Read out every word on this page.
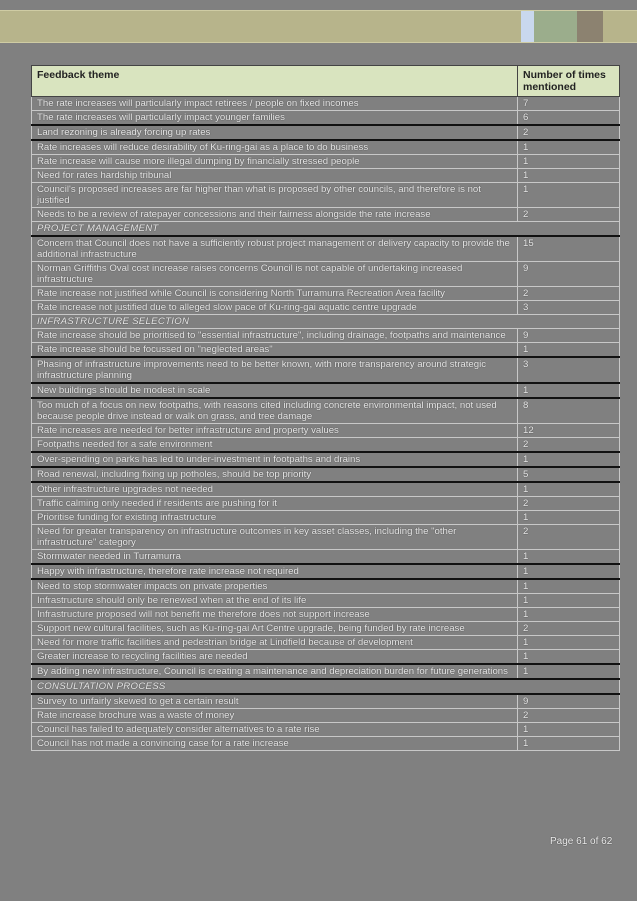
Feedback theme	Number of times mentioned
The rate increases will particularly impact retirees / people on fixed incomes	7
The rate increases will particularly impact younger families	6
Land rezoning is already forcing up rates	2
Rate increases will reduce desirability of Ku-ring-gai as a place to do business	1
Rate increase will cause more illegal dumping by financially stressed people	1
Need for rates hardship tribunal	1
Council's proposed increases are far higher than what is proposed by other councils, and therefore is not justified	1
Needs to be a review of ratepayer concessions and their fairness alongside the rate increase	2
PROJECT MANAGEMENT	
Concern that Council does not have a sufficiently robust project management or delivery capacity to provide the additional infrastructure	15
Norman Griffiths Oval cost increase raises concerns Council is not capable of undertaking increased infrastructure	9
Rate increase not justified while Council is considering North Turramurra Recreation Area facility	2
Rate increase not justified due to alleged slow pace of Ku-ring-gai aquatic centre upgrade	3
INFRASTRUCTURE SELECTION	
Rate increase should be prioritised to "essential infrastructure", including drainage, footpaths and maintenance	9
Rate increase should be focussed on "neglected areas"	1
Phasing of infrastructure improvements need to be better known, with more transparency around strategic infrastructure planning	3
New buildings should be modest in scale	1
Too much of a focus on new footpaths, with reasons cited including concrete environmental impact, not used because people drive instead or walk on grass, and tree damage	8
Rate increases are needed for better infrastructure and property values	12
Footpaths needed for a safe environment	2
Over-spending on parks has led to under-investment in footpaths and drains	1
Road renewal, including fixing up potholes, should be top priority	5
Other infrastructure upgrades not needed	1
Traffic calming only needed if residents are pushing for it	2
Prioritise funding for existing infrastructure	1
Need for greater transparency on infrastructure outcomes in key asset classes, including the "other infrastructure" category	2
Stormwater needed in Turramurra	1
Happy with infrastructure, therefore rate increase not required	1
Need to stop stormwater impacts on private properties	1
Infrastructure should only be renewed when at the end of its life	1
Infrastructure proposed will not benefit me therefore does not support increase	1
Support new cultural facilities, such as Ku-ring-gai Art Centre upgrade, being funded by rate increase	2
Need for more traffic facilities and pedestrian bridge at Lindfield because of development	1
Greater increase to recycling facilities are needed	1
By adding new infrastructure, Council is creating a maintenance and depreciation burden for future generations	1
CONSULTATION PROCESS	
Survey to unfairly skewed to get a certain result	9
Rate increase brochure was a waste of money	2
Council has failed to adequately consider alternatives to a rate rise	1
Council has not made a convincing case for a rate increase	1
Page 61 of 62
